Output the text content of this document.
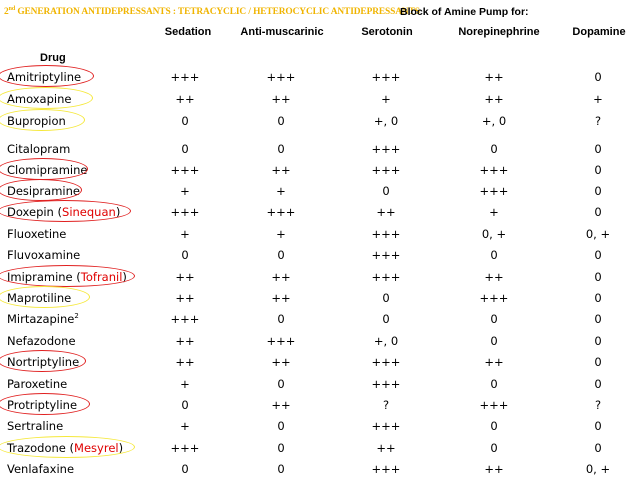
2nd GENERATION ANTIDEPRESSANTS : TETRACYCLIC / HETEROCYCLIC ANTIDEPRESSANTS
Block of Amine Pump for:
Sedation	Anti-muscarinic	Serotonin	Norepinephrine	Dopamine
Drug
Amitriptyline	+++	+++	+++	++	0
Amoxapine	++	++	+	++	+
Bupropion	0	0	+, 0	+, 0	?
Citalopram	0	0	+++	0	0
Clomipramine	+++	++	+++	+++	0
Desipramine	+	+	0	+++	0
Doxepin (Sinequan)	+++	+++	++	+	0
Fluoxetine	+	+	+++	0, +	0, +
Fluvoxamine	0	0	+++	0	0
Imipramine (Tofranil)	++	++	+++	++	0
Maprotiline	++	++	0	+++	0
Mirtazapine$^2$	+++	0	0	0	0
Nefazodone	++	+++	+, 0	0	0
Nortriptyline	++	++	+++	++	0
Paroxetine	+	0	+++	0	0
Protriptyline	0	++	?	+++	?
Sertraline	+	0	+++	0	0
Trazodone (Mesyrel)	+++	0	++	0	0
Venlafaxine	0	0	+++	++	0, +
